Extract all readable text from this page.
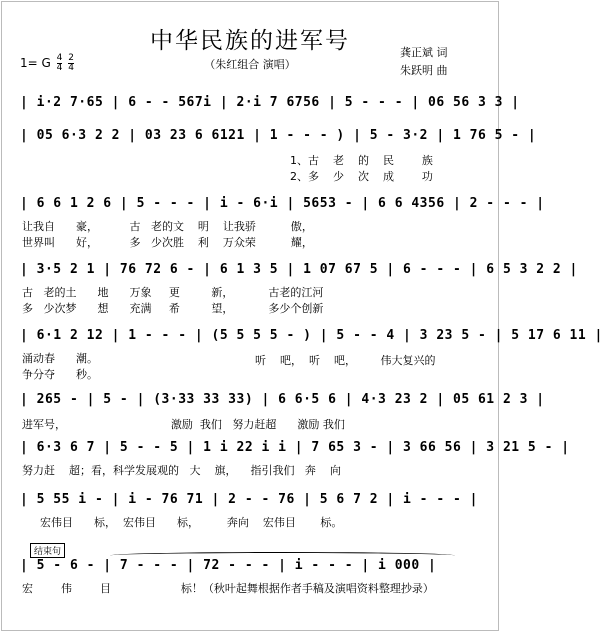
中华民族的进军号
（朱红组合 演唱）
1= G $\frac{4}{4}$
$\frac{2}{4}$
龚正斌 词
朱跃明 曲
| i·2 7·65 | 6 - - 567i | 2·i 7 6756 | 5 - - - | 06 56 3 3 |
| 05 6·3 2 2 | 03 23 6 6121 | 1 - - - ) | 5 - 3·2 | 1 76 5 - |
1、古    老    的    民        族
2、多    少    次    成        功
| 6 6 1 2 6 | 5 - - - | i - 6·i | 5653 - | 6 6 4356 | 2 - - - |
让我自      豪，         古   老的文    明    让我骄          傲，
世界叫      好，         多   少次胜    利    万众荣          耀，
| 3·5 2 1 | 76 72 6 - | 6 1 3 5 | 1 07 67 5 | 6 - - - | 6 5 3 2 2 |
古   老的土      地      万象     更         新，          古老的江河
多   少次梦      想      充满     希         望，          多少个创新
| 6·1 2 12 | 1 - - - | (5 5 5 5 - ) | 5 - - 4 | 3 23 5 - | 5 17 6 11 |
涌动春      潮。
争分夺      秒。
听    吧，  听    吧，       伟大复兴的
| 265 - | 5 - | (3·33 33 33) | 6 6·5 6 | 4·3 23 2 | 05 61 2 3 |
进军号，                              激励  我们   努力赶超      激励 我们
| 6·3 6 7 | 5 - - 5 | 1 i 22 i i | 7 65 3 - | 3 66 56 | 3 21 5 - |
努力赶    超；看，科学发展观的   大    旗，    指引我们   奔    向
| 5 55 i - | i - 76 71 | 2 - - 76 | 5 6 7 2 | i - - - |
宏伟目      标，  宏伟目      标，        奔向    宏伟目       标。
结束句
| 5 - 6 - | 7 - - - | 72 - - - | i - - - | i 000 |
宏        伟        目                    标！（秋叶起舞根据作者手稿及演唱资料整理抄录）
